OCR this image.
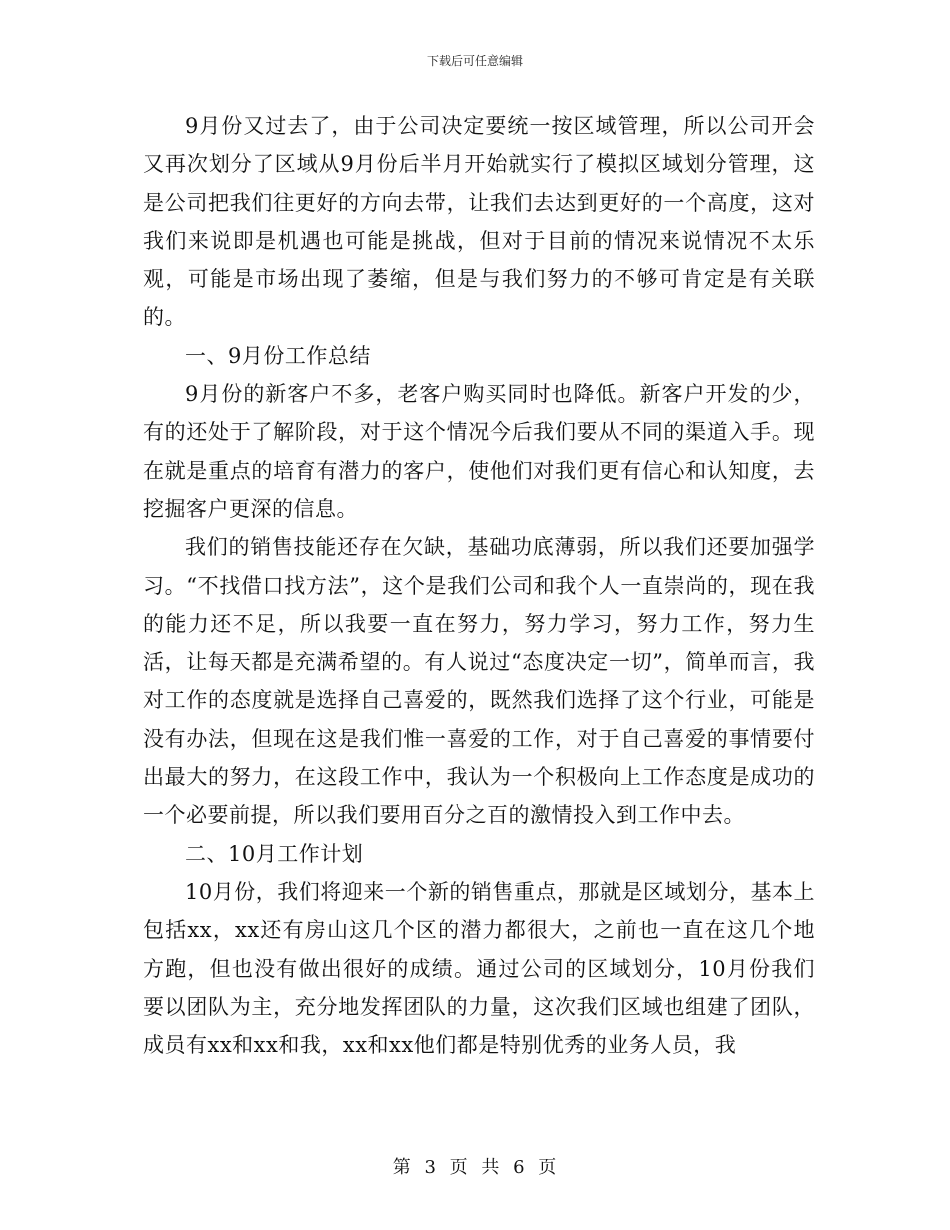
下载后可任意编辑

9月份又过去了，由于公司决定要统一按区域管理，所以公司开会又再次划分了区域从9月份后半月开始就实行了模拟区域划分管理，这是公司把我们往更好的方向去带，让我们去达到更好的一个高度，这对我们来说即是机遇也可能是挑战，但对于目前的情况来说情况不太乐观，可能是市场出现了萎缩，但是与我们努力的不够可肯定是有关联的。

一、9月份工作总结

9月份的新客户不多，老客户购买同时也降低。新客户开发的少，有的还处于了解阶段，对于这个情况今后我们要从不同的渠道入手。现在就是重点的培育有潜力的客户，使他们对我们更有信心和认知度，去挖掘客户更深的信息。

我们的销售技能还存在欠缺，基础功底薄弱，所以我们还要加强学习。“不找借口找方法”，这个是我们公司和我个人一直崇尚的，现在我的能力还不足，所以我要一直在努力，努力学习，努力工作，努力生活，让每天都是充满希望的。有人说过“态度决定一切”，简单而言，我对工作的态度就是选择自己喜爱的，既然我们选择了这个行业，可能是没有办法，但现在这是我们惟一喜爱的工作，对于自己喜爱的事情要付出最大的努力，在这段工作中，我认为一个积极向上工作态度是成功的一个必要前提，所以我们要用百分之百的激情投入到工作中去。

二、10月工作计划

10月份，我们将迎来一个新的销售重点，那就是区域划分，基本上包括xx，xx还有房山这几个区的潜力都很大，之前也一直在这几个地方跑，但也没有做出很好的成绩。通过公司的区域划分，10月份我们要以团队为主，充分地发挥团队的力量，这次我们区域也组建了团队，成员有xx和xx和我，xx和xx他们都是特别优秀的业务人员，我

第 3 页 共 6 页
